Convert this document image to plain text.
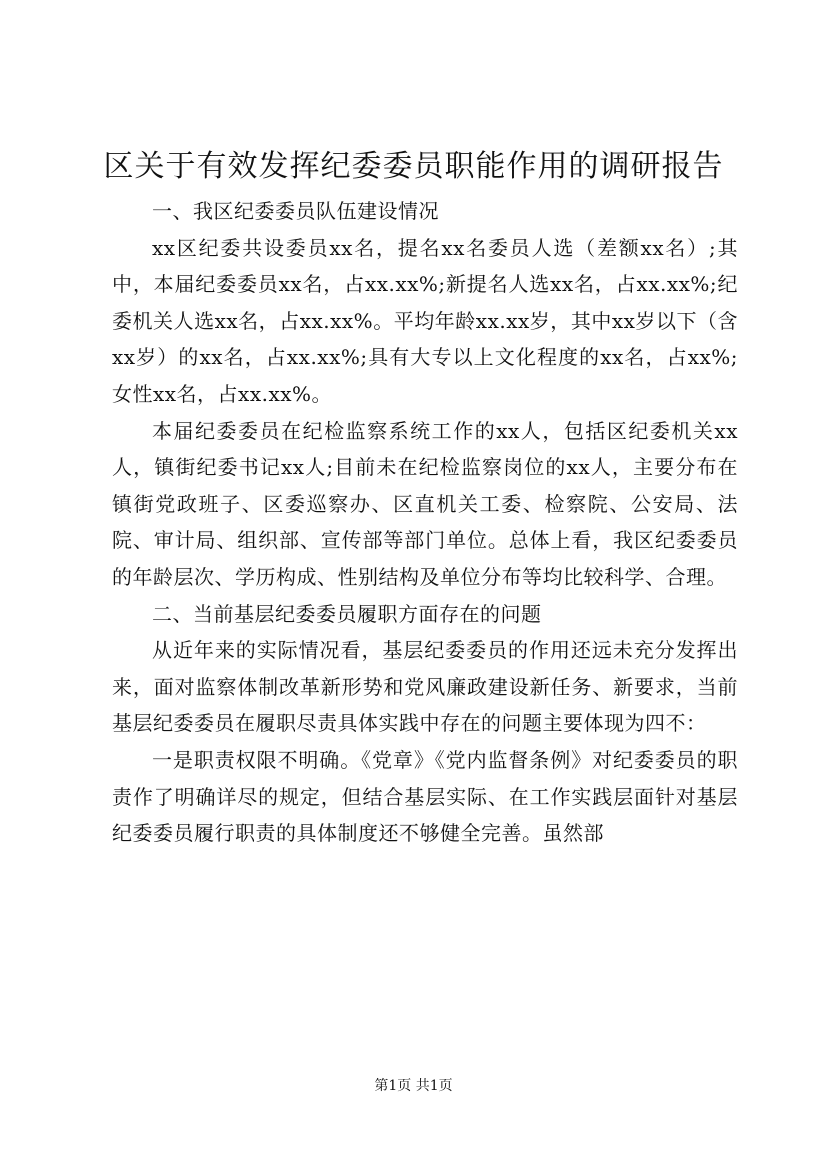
区关于有效发挥纪委委员职能作用的调研报告

一、我区纪委委员队伍建设情况

xx区纪委共设委员xx名，提名xx名委员人选（差额xx名）;其中，本届纪委委员xx名，占xx.xx%;新提名人选xx名，占xx.xx%;纪委机关人选xx名，占xx.xx%。平均年龄xx.xx岁，其中xx岁以下（含xx岁）的xx名，占xx.xx%;具有大专以上文化程度的xx名，占xx%;女性xx名，占xx.xx%。

本届纪委委员在纪检监察系统工作的xx人，包括区纪委机关xx人，镇街纪委书记xx人;目前未在纪检监察岗位的xx人，主要分布在镇街党政班子、区委巡察办、区直机关工委、检察院、公安局、法院、审计局、组织部、宣传部等部门单位。总体上看，我区纪委委员的年龄层次、学历构成、性别结构及单位分布等均比较科学、合理。

二、当前基层纪委委员履职方面存在的问题

从近年来的实际情况看，基层纪委委员的作用还远未充分发挥出来，面对监察体制改革新形势和党风廉政建设新任务、新要求，当前基层纪委委员在履职尽责具体实践中存在的问题主要体现为四不：

一是职责权限不明确。《党章》《党内监督条例》对纪委委员的职责作了明确详尽的规定，但结合基层实际、在工作实践层面针对基层纪委委员履行职责的具体制度还不够健全完善。虽然部

第1页 共1页
